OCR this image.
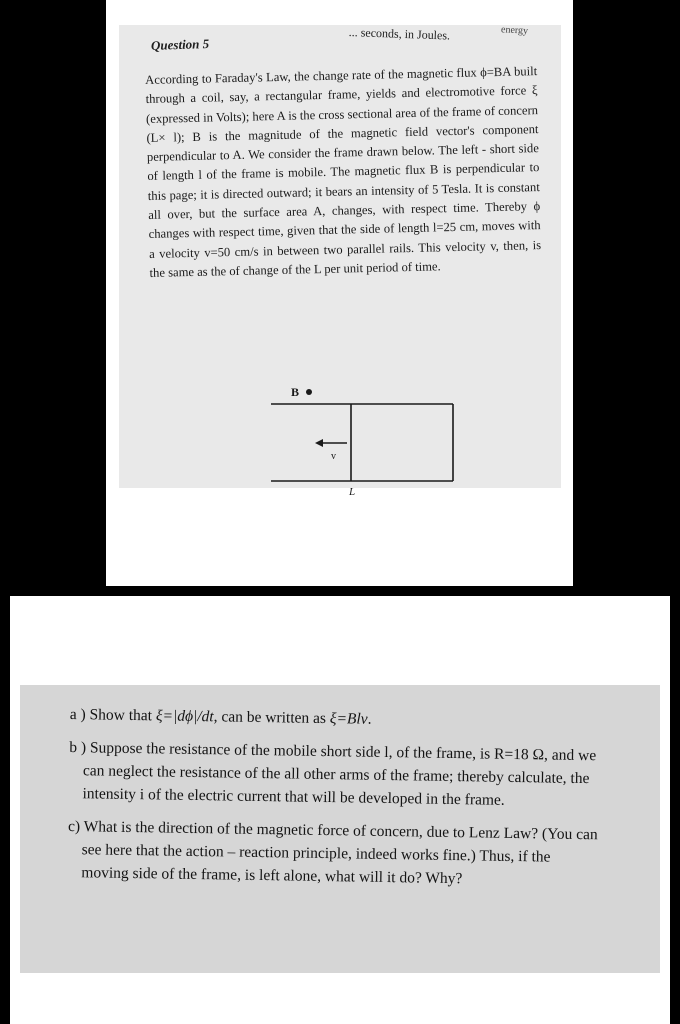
... seconds, in Joules.	energy
Question 5

According to Faraday's Law, the change rate of the magnetic flux ϕ=BA built through a coil, say, a rectangular frame, yields and electromotive force ξ (expressed in Volts); here A is the cross sectional area of the frame of concern (L× l); B is the magnitude of the magnetic field vector's component perpendicular to A. We consider the frame drawn below. The left - short side of length l of the frame is mobile. The magnetic flux B is perpendicular to this page; it is directed outward; it bears an intensity of 5 Tesla. It is constant all over, but the surface area A, changes, with respect time. Thereby ϕ changes with respect time, given that the side of length l=25 cm, moves with a velocity v=50 cm/s in between two parallel rails. This velocity v, then, is the same as the of change of the L per unit period of time.

B
v
L
a ) Show that ξ=|dϕ|/dt, can be written as ξ=Blv.
b ) Suppose the resistance of the mobile short side l, of the frame, is R=18 Ω, and we can neglect the resistance of the all other arms of the frame; thereby calculate, the intensity i of the electric current that will be developed in the frame.
c) What is the direction of the magnetic force of concern, due to Lenz Law? (You can see here that the action – reaction principle, indeed works fine.) Thus, if the moving side of the frame, is left alone, what will it do? Why?
